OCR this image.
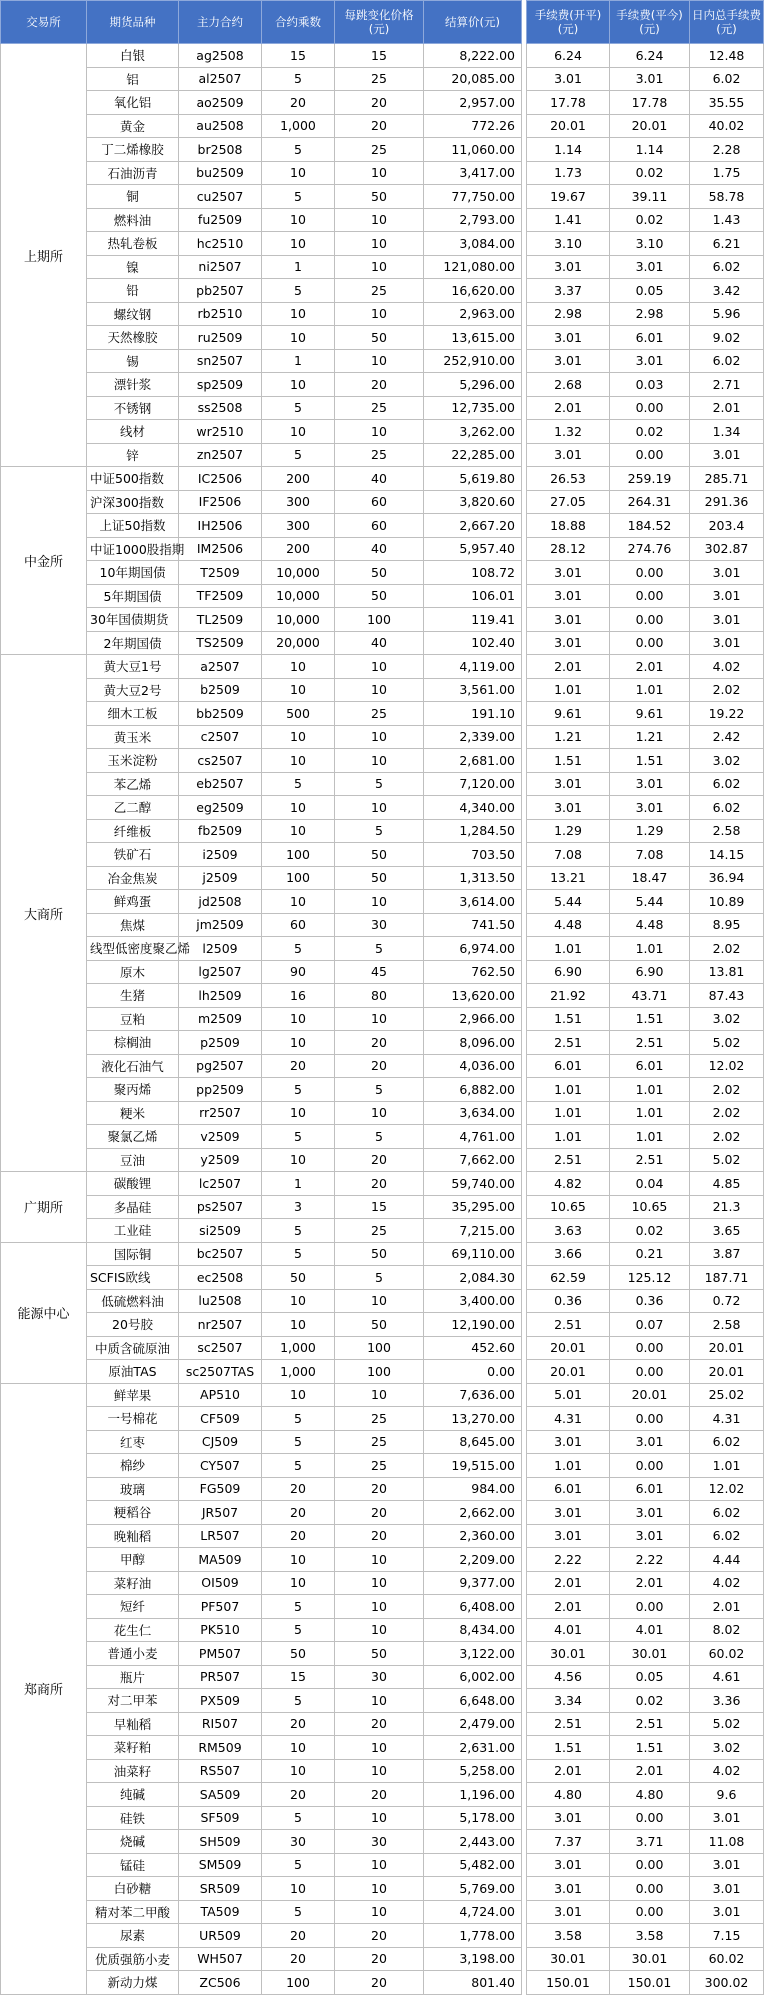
交易所	期货品种	主力合约	合约乘数	每跳变化价格(元)	结算价(元)		手续费(开平)(元)	手续费(平今)(元)	日内总手续费(元)
上期所	白银	ag2508	15	15	8,222.00		6.24	6.24	12.48
	铝	al2507	5	25	20,085.00		3.01	3.01	6.02
	氧化铝	ao2509	20	20	2,957.00		17.78	17.78	35.55
	黄金	au2508	1,000	20	772.26		20.01	20.01	40.02
	丁二烯橡胶	br2508	5	25	11,060.00		1.14	1.14	2.28
	石油沥青	bu2509	10	10	3,417.00		1.73	0.02	1.75
	铜	cu2507	5	50	77,750.00		19.67	39.11	58.78
	燃料油	fu2509	10	10	2,793.00		1.41	0.02	1.43
	热轧卷板	hc2510	10	10	3,084.00		3.10	3.10	6.21
	镍	ni2507	1	10	121,080.00		3.01	3.01	6.02
	铅	pb2507	5	25	16,620.00		3.37	0.05	3.42
	螺纹钢	rb2510	10	10	2,963.00		2.98	2.98	5.96
	天然橡胶	ru2509	10	50	13,615.00		3.01	6.01	9.02
	锡	sn2507	1	10	252,910.00		3.01	3.01	6.02
	漂针浆	sp2509	10	20	5,296.00		2.68	0.03	2.71
	不锈钢	ss2508	5	25	12,735.00		2.01	0.00	2.01
	线材	wr2510	10	10	3,262.00		1.32	0.02	1.34
	锌	zn2507	5	25	22,285.00		3.01	0.00	3.01
中金所	中证500指数	IC2506	200	40	5,619.80		26.53	259.19	285.71
	沪深300指数	IF2506	300	60	3,820.60		27.05	264.31	291.36
	上证50指数	IH2506	300	60	2,667.20		18.88	184.52	203.4
	中证1000股指期	IM2506	200	40	5,957.40		28.12	274.76	302.87
	10年期国债	T2509	10,000	50	108.72		3.01	0.00	3.01
	5年期国债	TF2509	10,000	50	106.01		3.01	0.00	3.01
	30年国债期货	TL2509	10,000	100	119.41		3.01	0.00	3.01
	2年期国债	TS2509	20,000	40	102.40		3.01	0.00	3.01
大商所	黄大豆1号	a2507	10	10	4,119.00		2.01	2.01	4.02
	黄大豆2号	b2509	10	10	3,561.00		1.01	1.01	2.02
	细木工板	bb2509	500	25	191.10		9.61	9.61	19.22
	黄玉米	c2507	10	10	2,339.00		1.21	1.21	2.42
	玉米淀粉	cs2507	10	10	2,681.00		1.51	1.51	3.02
	苯乙烯	eb2507	5	5	7,120.00		3.01	3.01	6.02
	乙二醇	eg2509	10	10	4,340.00		3.01	3.01	6.02
	纤维板	fb2509	10	5	1,284.50		1.29	1.29	2.58
	铁矿石	i2509	100	50	703.50		7.08	7.08	14.15
	冶金焦炭	j2509	100	50	1,313.50		13.21	18.47	36.94
	鲜鸡蛋	jd2508	10	10	3,614.00		5.44	5.44	10.89
	焦煤	jm2509	60	30	741.50		4.48	4.48	8.95
	线型低密度聚乙烯	l2509	5	5	6,974.00		1.01	1.01	2.02
	原木	lg2507	90	45	762.50		6.90	6.90	13.81
	生猪	lh2509	16	80	13,620.00		21.92	43.71	87.43
	豆粕	m2509	10	10	2,966.00		1.51	1.51	3.02
	棕榈油	p2509	10	20	8,096.00		2.51	2.51	5.02
	液化石油气	pg2507	20	20	4,036.00		6.01	6.01	12.02
	聚丙烯	pp2509	5	5	6,882.00		1.01	1.01	2.02
	粳米	rr2507	10	10	3,634.00		1.01	1.01	2.02
	聚氯乙烯	v2509	5	5	4,761.00		1.01	1.01	2.02
	豆油	y2509	10	20	7,662.00		2.51	2.51	5.02
广期所	碳酸锂	lc2507	1	20	59,740.00		4.82	0.04	4.85
	多晶硅	ps2507	3	15	35,295.00		10.65	10.65	21.3
	工业硅	si2509	5	25	7,215.00		3.63	0.02	3.65
能源中心	国际铜	bc2507	5	50	69,110.00		3.66	0.21	3.87
	SCFIS欧线	ec2508	50	5	2,084.30		62.59	125.12	187.71
	低硫燃料油	lu2508	10	10	3,400.00		0.36	0.36	0.72
	20号胶	nr2507	10	50	12,190.00		2.51	0.07	2.58
	中质含硫原油	sc2507	1,000	100	452.60		20.01	0.00	20.01
	原油TAS	sc2507TAS	1,000	100	0.00		20.01	0.00	20.01
郑商所	鲜苹果	AP510	10	10	7,636.00		5.01	20.01	25.02
	一号棉花	CF509	5	25	13,270.00		4.31	0.00	4.31
	红枣	CJ509	5	25	8,645.00		3.01	3.01	6.02
	棉纱	CY507	5	25	19,515.00		1.01	0.00	1.01
	玻璃	FG509	20	20	984.00		6.01	6.01	12.02
	粳稻谷	JR507	20	20	2,662.00		3.01	3.01	6.02
	晚籼稻	LR507	20	20	2,360.00		3.01	3.01	6.02
	甲醇	MA509	10	10	2,209.00		2.22	2.22	4.44
	菜籽油	OI509	10	10	9,377.00		2.01	2.01	4.02
	短纤	PF507	5	10	6,408.00		2.01	0.00	2.01
	花生仁	PK510	5	10	8,434.00		4.01	4.01	8.02
	普通小麦	PM507	50	50	3,122.00		30.01	30.01	60.02
	瓶片	PR507	15	30	6,002.00		4.56	0.05	4.61
	对二甲苯	PX509	5	10	6,648.00		3.34	0.02	3.36
	早籼稻	RI507	20	20	2,479.00		2.51	2.51	5.02
	菜籽粕	RM509	10	10	2,631.00		1.51	1.51	3.02
	油菜籽	RS507	10	10	5,258.00		2.01	2.01	4.02
	纯碱	SA509	20	20	1,196.00		4.80	4.80	9.6
	硅铁	SF509	5	10	5,178.00		3.01	0.00	3.01
	烧碱	SH509	30	30	2,443.00		7.37	3.71	11.08
	锰硅	SM509	5	10	5,482.00		3.01	0.00	3.01
	白砂糖	SR509	10	10	5,769.00		3.01	0.00	3.01
	精对苯二甲酸	TA509	5	10	4,724.00		3.01	0.00	3.01
	尿素	UR509	20	20	1,778.00		3.58	3.58	7.15
	优质强筋小麦	WH507	20	20	3,198.00		30.01	30.01	60.02
	新动力煤	ZC506	100	20	801.40		150.01	150.01	300.02
